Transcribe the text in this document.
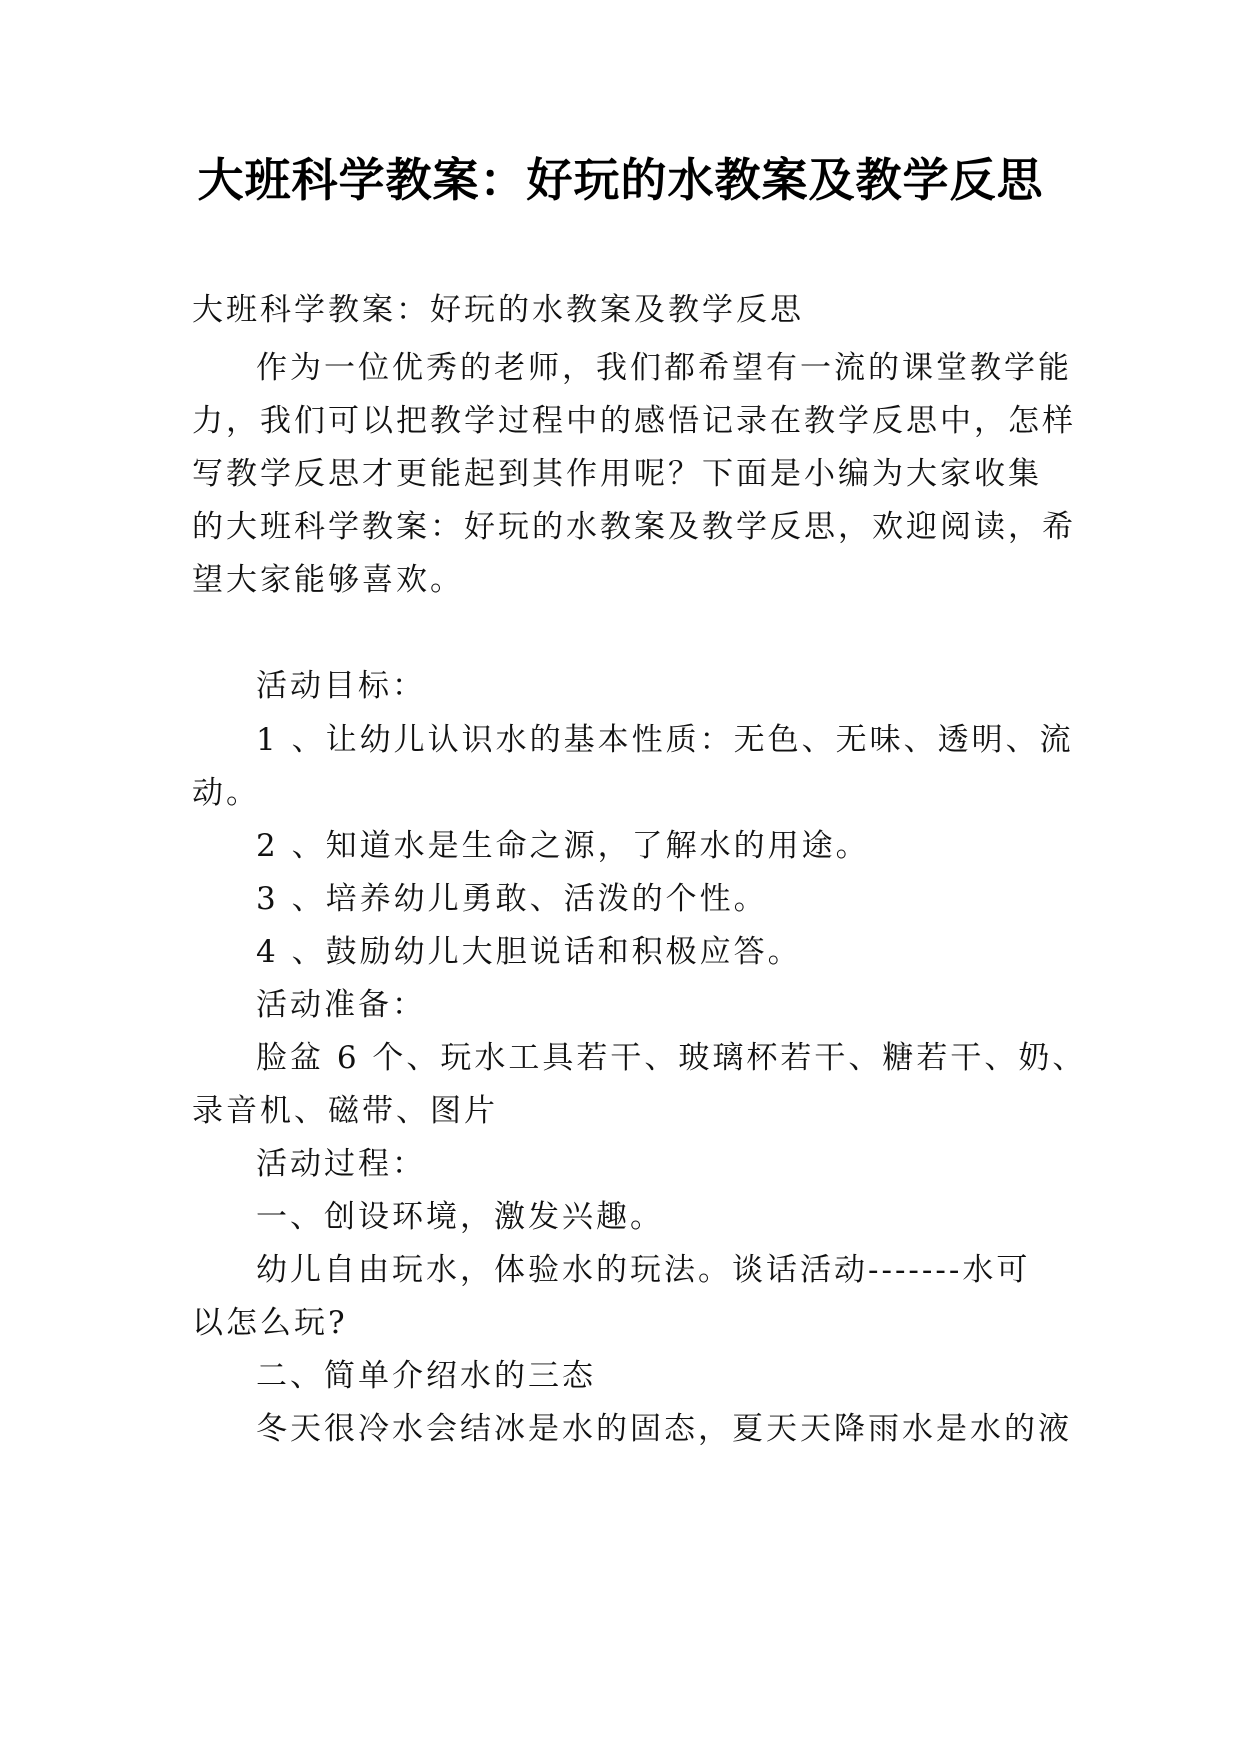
大班科学教案：好玩的水教案及教学反思
大班科学教案：好玩的水教案及教学反思
作为一位优秀的老师，我们都希望有一流的课堂教学能
力，我们可以把教学过程中的感悟记录在教学反思中，怎样
写教学反思才更能起到其作用呢？下面是小编为大家收集
的大班科学教案：好玩的水教案及教学反思，欢迎阅读，希
望大家能够喜欢。
活动目标：
1 、让幼儿认识水的基本性质：无色、无味、透明、流
动。
2 、知道水是生命之源，了解水的用途。
3 、培养幼儿勇敢、活泼的个性。
4 、鼓励幼儿大胆说话和积极应答。
活动准备：
脸盆 6 个、玩水工具若干、玻璃杯若干、糖若干、奶、
录音机、磁带、图片
活动过程：
一、创设环境，激发兴趣。
幼儿自由玩水，体验水的玩法。谈话活动-------水可
以怎么玩?
二、简单介绍水的三态
冬天很冷水会结冰是水的固态，夏天天降雨水是水的液
